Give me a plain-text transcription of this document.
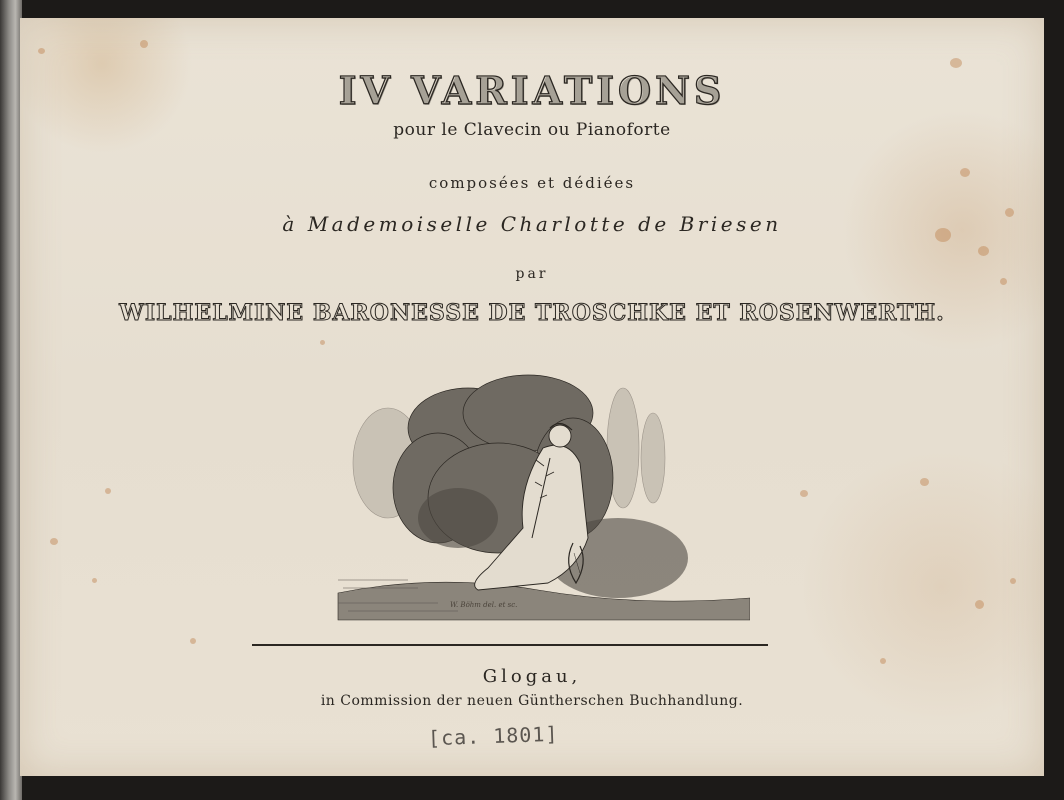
IV VARIATIONS
pour le Clavecin ou Pianoforte
composées et dédiées
à Mademoiselle Charlotte de Briesen
par
WILHELMINE BARONESSE DE TROSCHKE ET ROSENWERTH.
W. Böhm del. et sc.
Glogau,
in Commission der neuen Güntherschen Buchhandlung.
[ca. 1801]
